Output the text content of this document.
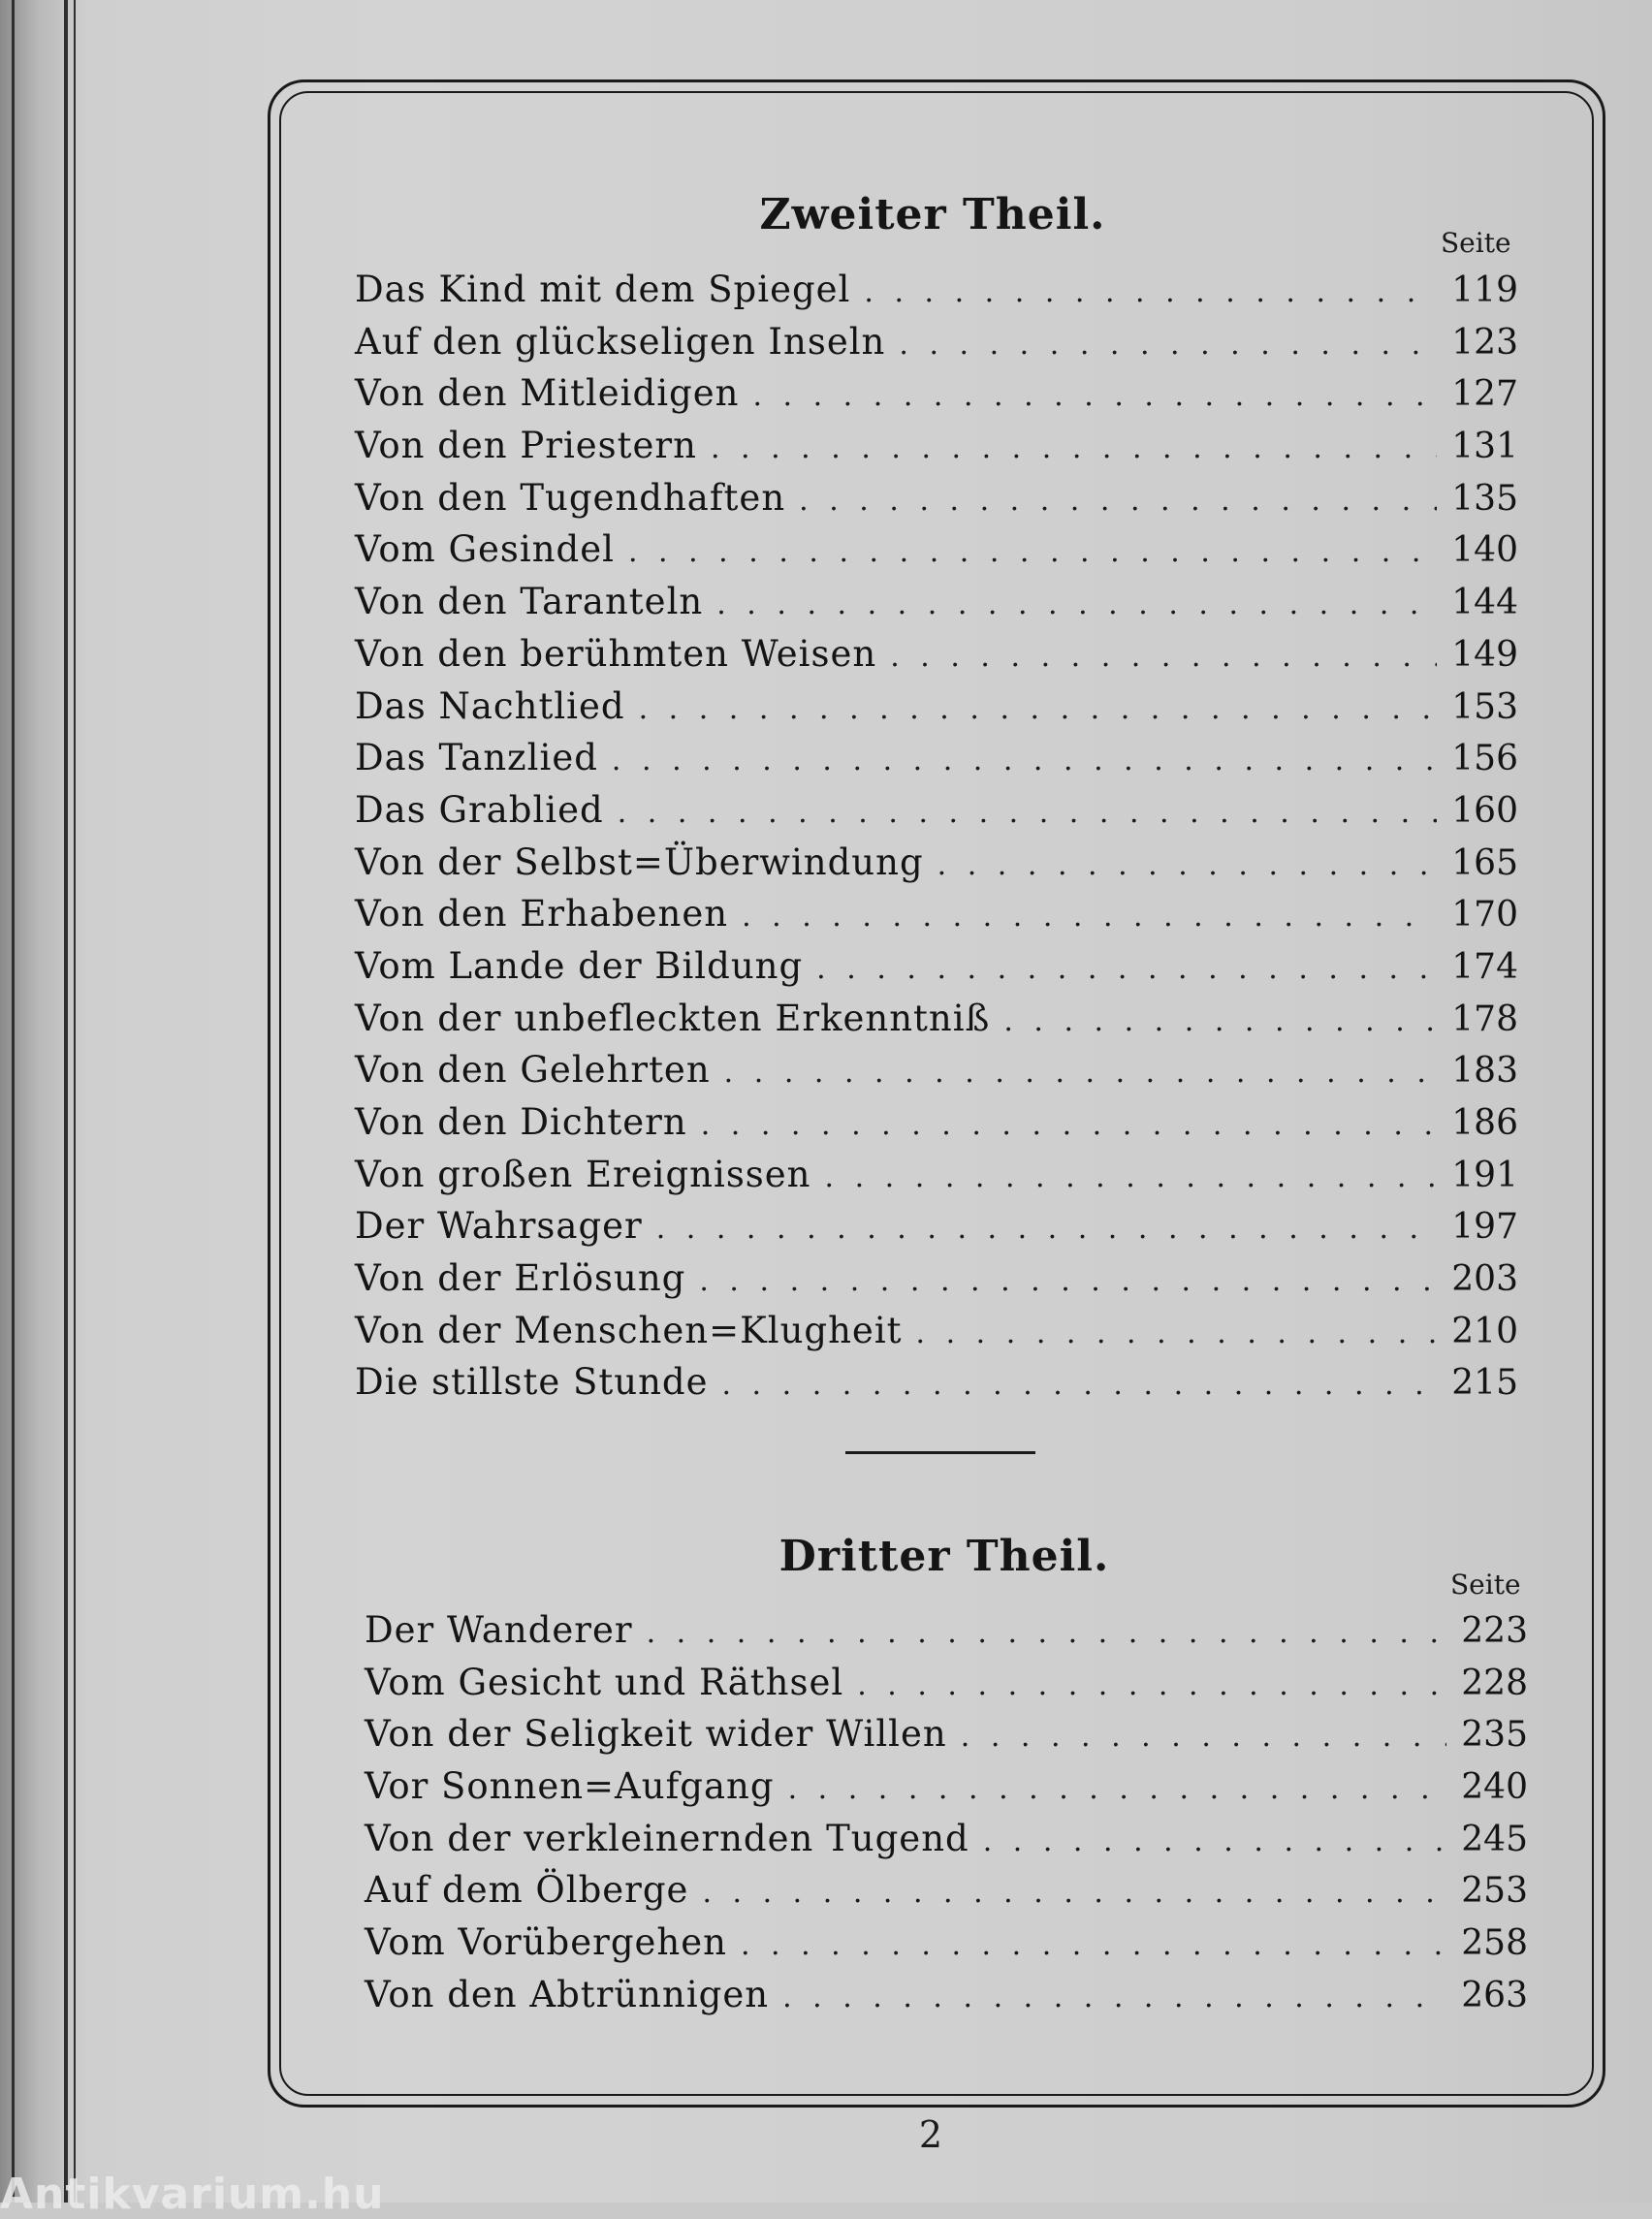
Zweiter Theil.
Seite
Das Kind mit dem Spiegel . . .	119
Auf den glückseligen Inseln . . .	123
Von den Mitleidigen . . .	127
Von den Priestern . . .	131
Von den Tugendhaften . . .	135
Vom Gesindel . . .	140
Von den Taranteln . . .	144
Von den berühmten Weisen . . .	149
Das Nachtlied . . .	153
Das Tanzlied . . .	156
Das Grablied . . .	160
Von der Selbst=Überwindung . . .	165
Von den Erhabenen . . .	170
Vom Lande der Bildung . . .	174
Von der unbefleckten Erkenntniß . . .	178
Von den Gelehrten . . .	183
Von den Dichtern . . .	186
Von großen Ereignissen . . .	191
Der Wahrsager . . .	197
Von der Erlösung . . .	203
Von der Menschen=Klugheit . . .	210
Die stillste Stunde . . .	215
Dritter Theil.
Seite
Der Wanderer . . .	223
Vom Gesicht und Räthsel . . .	228
Von der Seligkeit wider Willen . . .	235
Vor Sonnen=Aufgang . . .	240
Von der verkleinernden Tugend . . .	245
Auf dem Ölberge . . .	253
Vom Vorübergehen . . .	258
Von den Abtrünnigen . . .	263
2
Antikvarium.hu
